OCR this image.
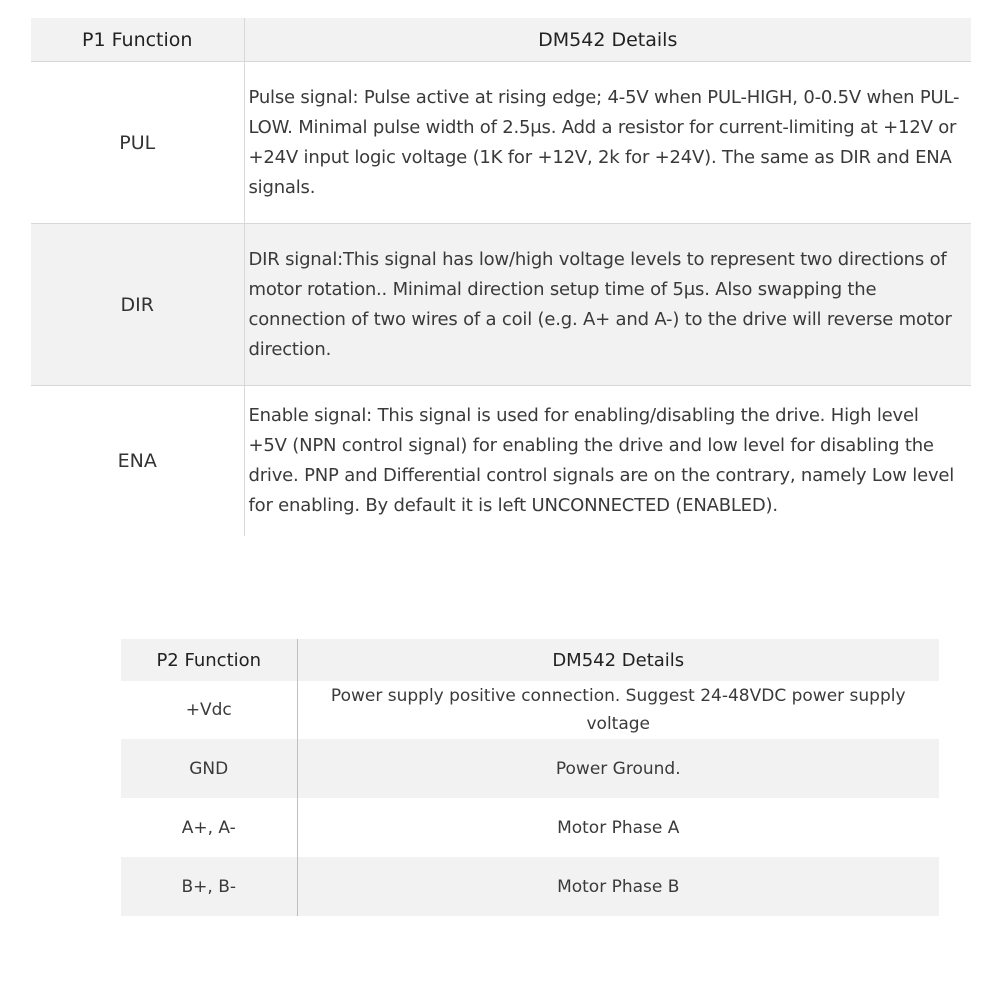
P1 Function	DM542 Details
PUL	Pulse signal: Pulse active at rising edge; 4-5V when PUL-HIGH, 0-0.5V when PUL-LOW. Minimal pulse width of 2.5μs. Add a resistor for current-limiting at +12V or +24V input logic voltage (1K for +12V, 2k for +24V). The same as DIR and ENA signals.
DIR	DIR signal:This signal has low/high voltage levels to represent two directions of motor rotation.. Minimal direction setup time of 5μs. Also swapping the connection of two wires of a coil (e.g. A+ and A-) to the drive will reverse motor direction.
ENA	Enable signal: This signal is used for enabling/disabling the drive. High level +5V (NPN control signal) for enabling the drive and low level for disabling the drive. PNP and Differential control signals are on the contrary, namely Low level for enabling. By default it is left UNCONNECTED (ENABLED).
P2 Function	DM542 Details
+Vdc	Power supply positive connection. Suggest 24-48VDC power supply voltage
GND	Power Ground.
A+, A-	Motor Phase A
B+, B-	Motor Phase B
